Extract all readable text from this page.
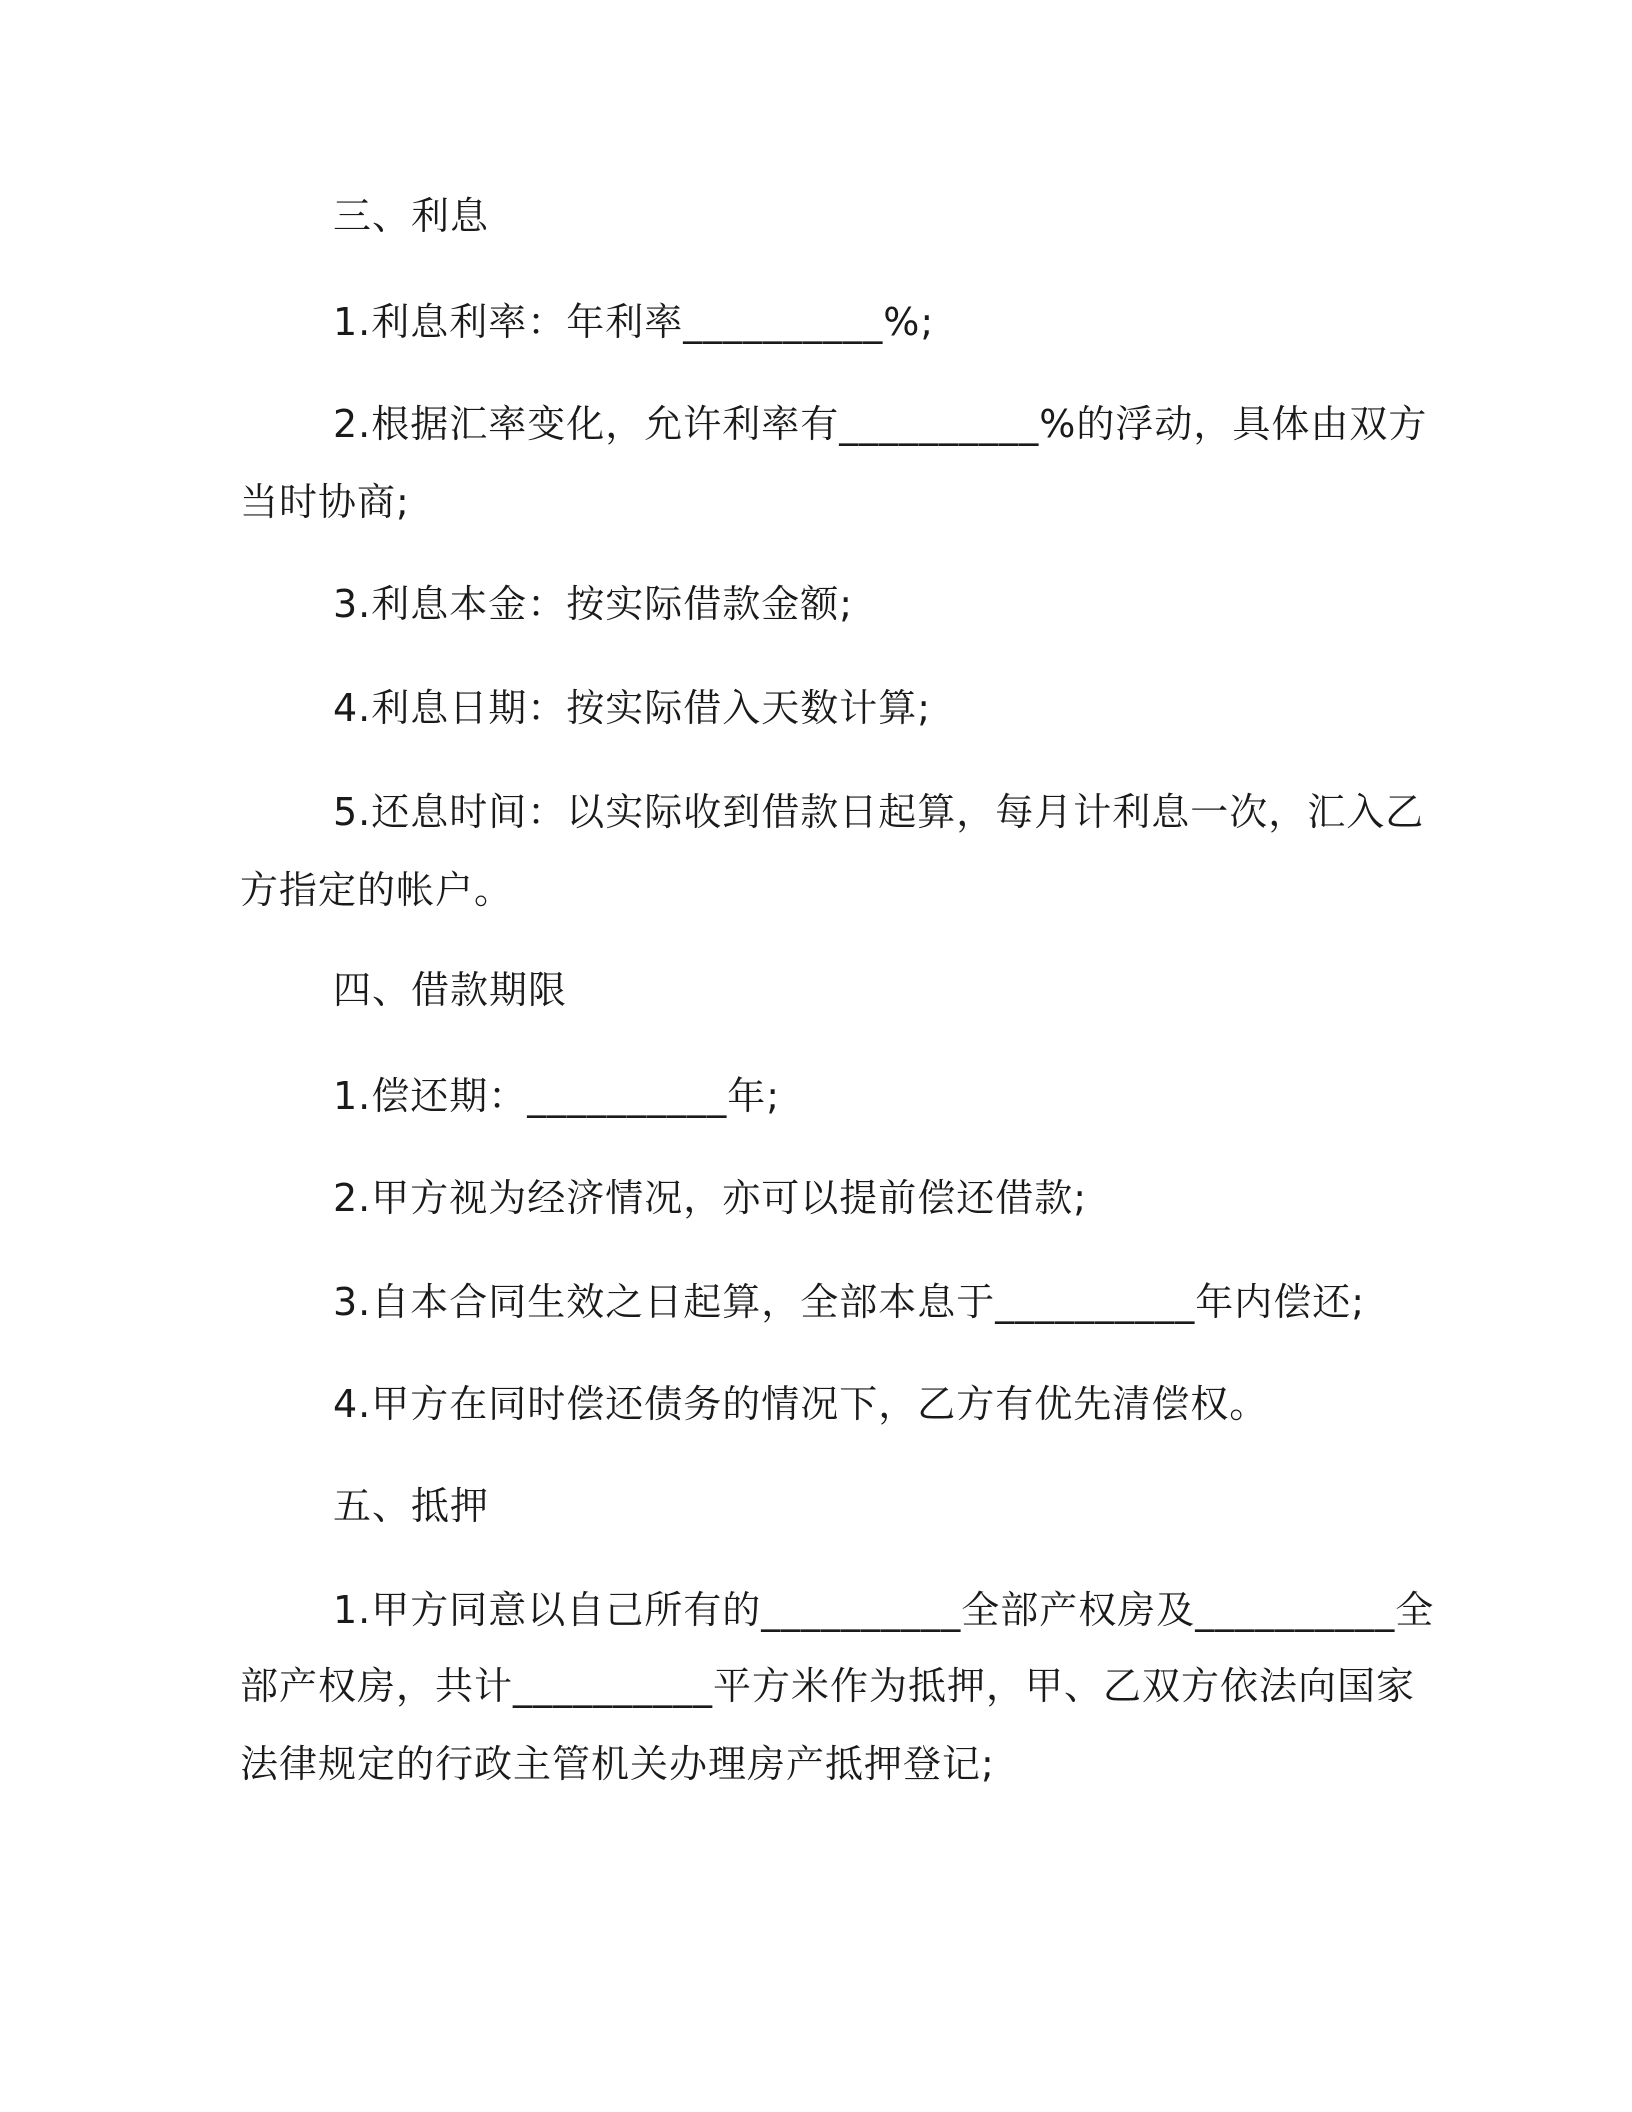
三、利息
1.利息利率：年利率__________%;
2.根据汇率变化，允许利率有__________%的浮动，具体由双方
当时协商;
3.利息本金：按实际借款金额;
4.利息日期：按实际借入天数计算;
5.还息时间：以实际收到借款日起算，每月计利息一次，汇入乙
方指定的帐户。
四、借款期限
1.偿还期：__________年;
2.甲方视为经济情况，亦可以提前偿还借款;
3.自本合同生效之日起算，全部本息于__________年内偿还;
4.甲方在同时偿还债务的情况下，乙方有优先清偿权。
五、抵押
1.甲方同意以自己所有的__________全部产权房及__________全
部产权房，共计__________平方米作为抵押，甲、乙双方依法向国家
法律规定的行政主管机关办理房产抵押登记;
